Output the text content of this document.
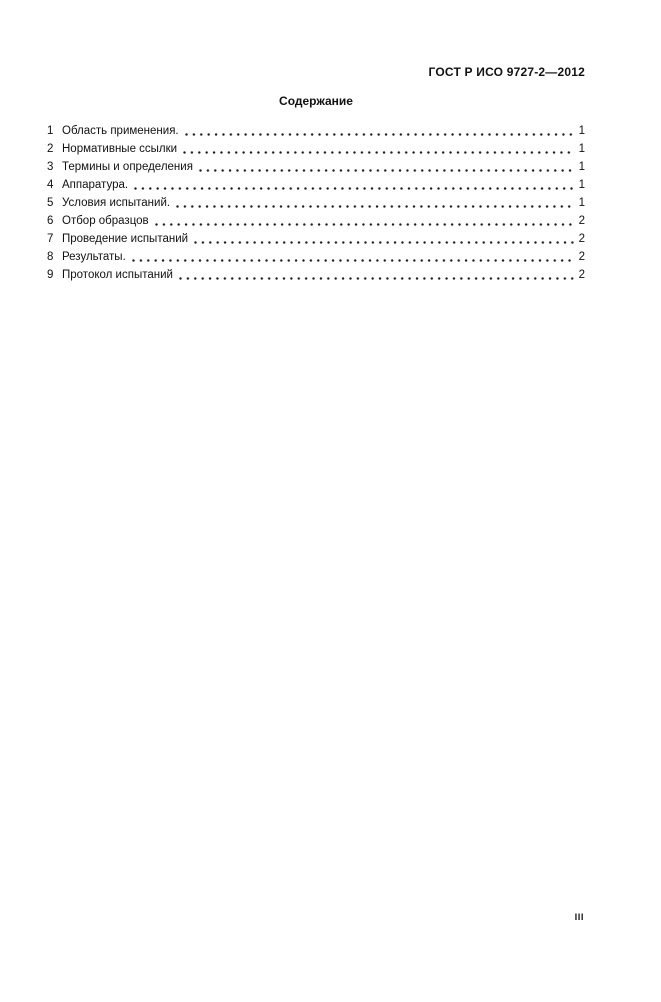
ГОСТ Р ИСО 9727-2—2012
Содержание
1 Область применения.	1
2 Нормативные ссылки	1
3 Термины и определения	1
4 Аппаратура.	1
5 Условия испытаний.	1
6 Отбор образцов	2
7 Проведение испытаний	2
8 Результаты.	2
9 Протокол испытаний	2
III
